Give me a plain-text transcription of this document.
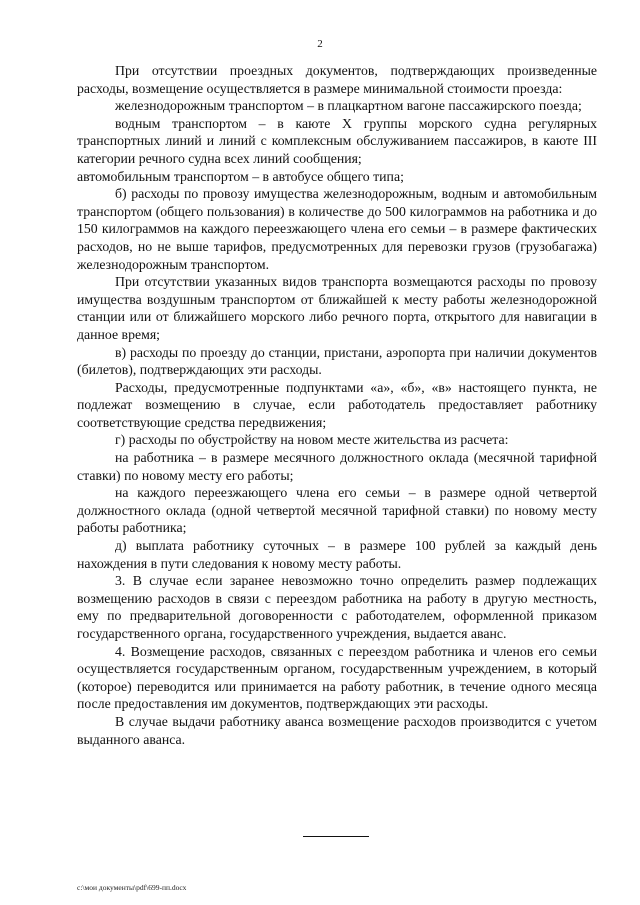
2

При отсутствии проездных документов, подтверждающих произведенные расходы, возмещение осуществляется в размере минимальной стоимости проезда:

железнодорожным транспортом – в плацкартном вагоне пассажирского поезда;

водным транспортом – в каюте X группы морского судна регулярных транспортных линий и линий с комплексным обслуживанием пассажиров, в каюте III категории речного судна всех линий сообщения;

автомобильным транспортом – в автобусе общего типа;

б) расходы по провозу имущества железнодорожным, водным и автомобильным транспортом (общего пользования) в количестве до 500 килограммов на работника и до 150 килограммов на каждого переезжающего члена его семьи – в размере фактических расходов, но не выше тарифов, предусмотренных для перевозки грузов (грузобагажа) железнодорожным транспортом.

При отсутствии указанных видов транспорта возмещаются расходы по провозу имущества воздушным транспортом от ближайшей к месту работы железнодорожной станции или от ближайшего морского либо речного порта, открытого для навигации в данное время;

в) расходы по проезду до станции, пристани, аэропорта при наличии документов (билетов), подтверждающих эти расходы.

Расходы, предусмотренные подпунктами «а», «б», «в» настоящего пункта, не подлежат возмещению в случае, если работодатель предоставляет работнику соответствующие средства передвижения;

г) расходы по обустройству на новом месте жительства из расчета:

на работника – в размере месячного должностного оклада (месячной тарифной ставки) по новому месту его работы;

на каждого переезжающего члена его семьи – в размере одной четвертой должностного оклада (одной четвертой месячной тарифной ставки) по новому месту работы работника;

д) выплата работнику суточных – в размере 100 рублей за каждый день нахождения в пути следования к новому месту работы.

3. В случае если заранее невозможно точно определить размер подлежащих возмещению расходов в связи с переездом работника на работу в другую местность, ему по предварительной договоренности с работодателем, оформленной приказом государственного органа, государственного учреждения, выдается аванс.

4. Возмещение расходов, связанных с переездом работника и членов его семьи осуществляется государственным органом, государственным учреждением, в который (которое) переводится или принимается на работу работник, в течение одного месяца после предоставления им документов, подтверждающих эти расходы.

В случае выдачи работнику аванса возмещение расходов производится с учетом выданного аванса.

c:\мои документы\pdf\699-пп.docx
